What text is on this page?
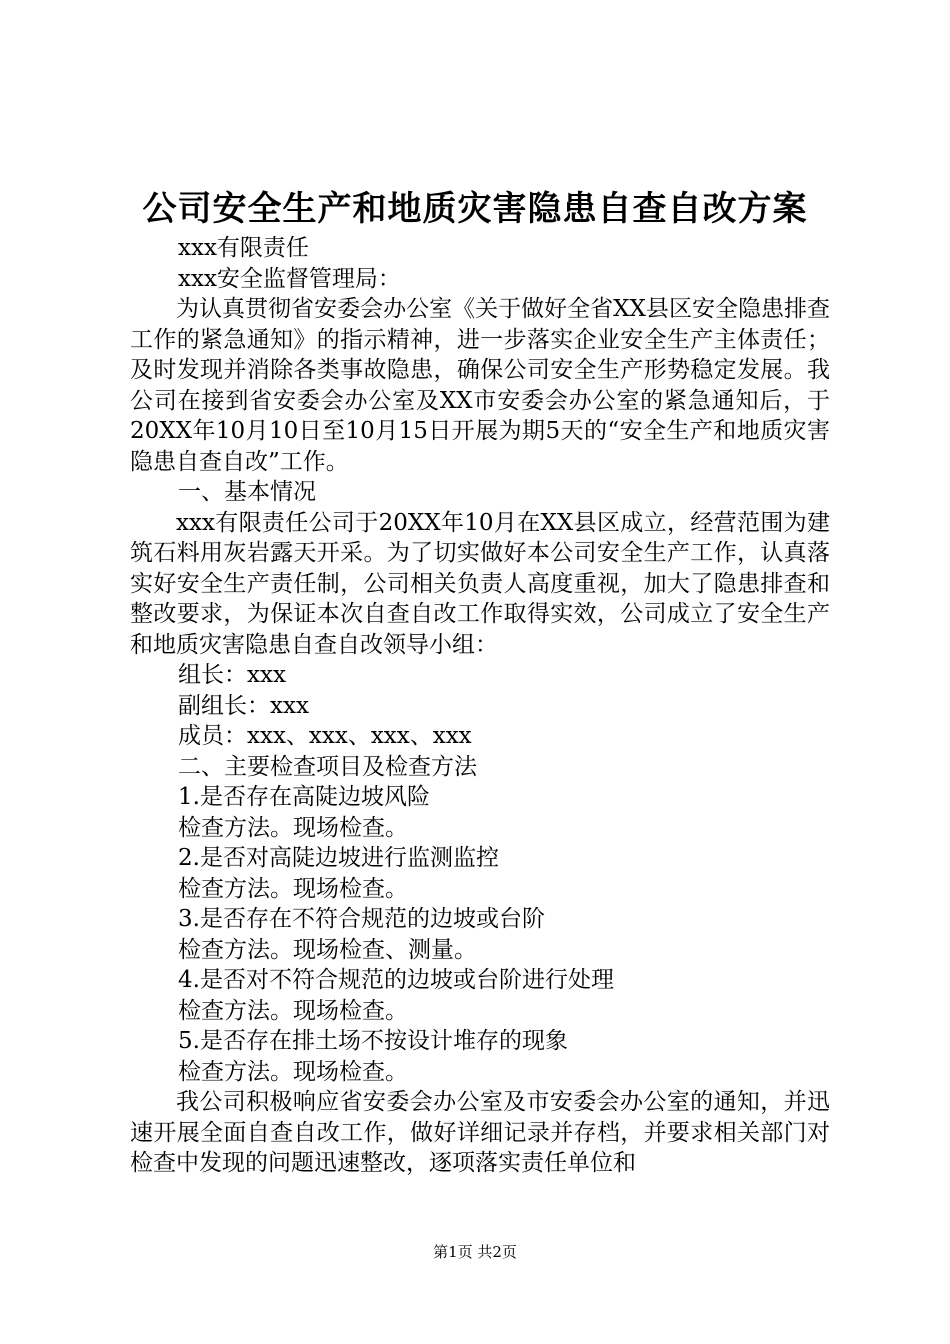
公司安全生产和地质灾害隐患自查自改方案

xxx有限责任

xxx安全监督管理局：

为认真贯彻省安委会办公室《关于做好全省XX县区安全隐患排查工作的紧急通知》的指示精神，进一步落实企业安全生产主体责任；及时发现并消除各类事故隐患，确保公司安全生产形势稳定发展。我公司在接到省安委会办公室及XX市安委会办公室的紧急通知后，于20XX年10月10日至10月15日开展为期5天的“安全生产和地质灾害隐患自查自改”工作。

一、基本情况

xxx有限责任公司于20XX年10月在XX县区成立，经营范围为建筑石料用灰岩露天开采。为了切实做好本公司安全生产工作，认真落实好安全生产责任制，公司相关负责人高度重视，加大了隐患排查和整改要求，为保证本次自查自改工作取得实效，公司成立了安全生产和地质灾害隐患自查自改领导小组：

组长：xxx

副组长：xxx

成员：xxx、xxx、xxx、xxx

二、主要检查项目及检查方法

1.是否存在高陡边坡风险

检查方法。现场检查。

2.是否对高陡边坡进行监测监控

检查方法。现场检查。

3.是否存在不符合规范的边坡或台阶

检查方法。现场检查、测量。

4.是否对不符合规范的边坡或台阶进行处理

检查方法。现场检查。

5.是否存在排土场不按设计堆存的现象

检查方法。现场检查。

我公司积极响应省安委会办公室及市安委会办公室的通知，并迅速开展全面自查自改工作，做好详细记录并存档，并要求相关部门对检查中发现的问题迅速整改，逐项落实责任单位和

第1页 共2页
